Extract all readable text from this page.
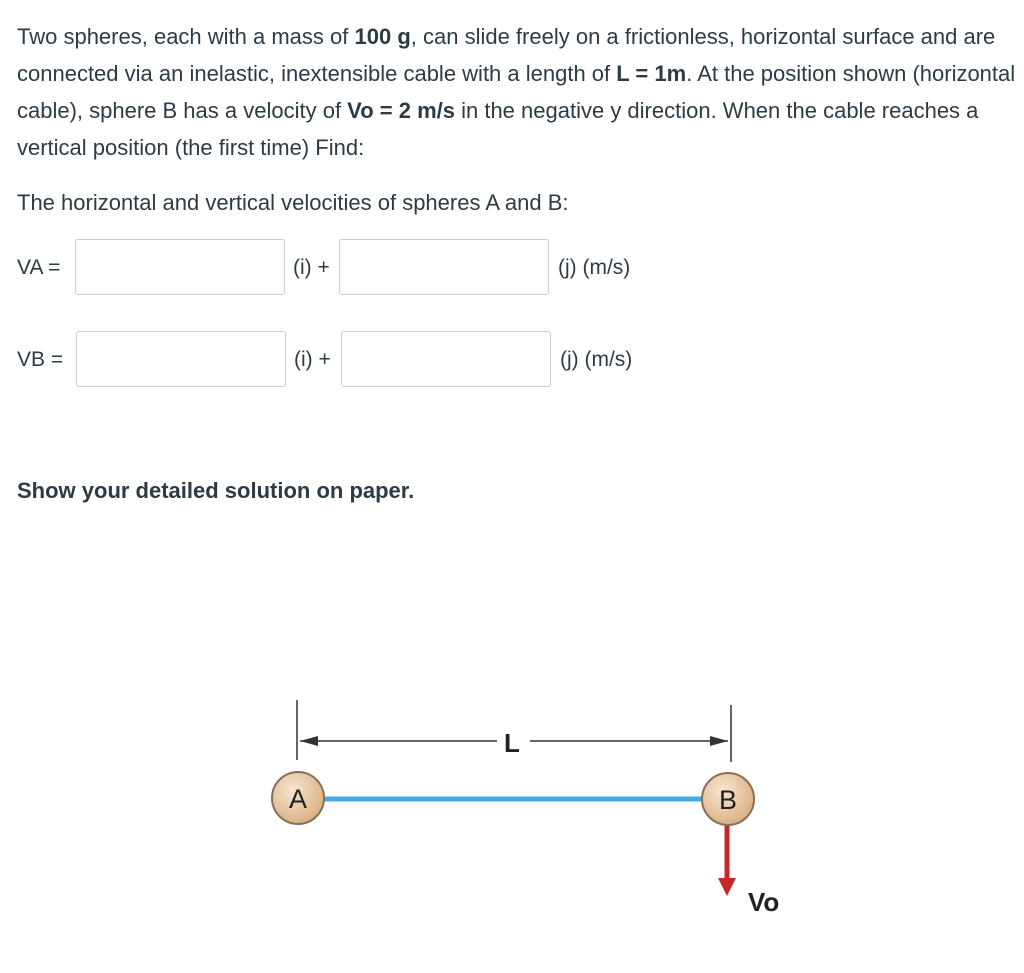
Two spheres, each with a mass of 100 g, can slide freely on a frictionless, horizontal surface and are connected via an inelastic, inextensible cable with a length of L = 1m. At the position shown (horizontal cable), sphere B has a velocity of Vo = 2 m/s in the negative y direction. When the cable reaches a vertical position (the first time) Find:

The horizontal and vertical velocities of spheres A and B:

VA =	(i) +	(j) (m/s)
VB =	(i) +	(j) (m/s)

Show your detailed solution on paper.

L
Vo
A	B
